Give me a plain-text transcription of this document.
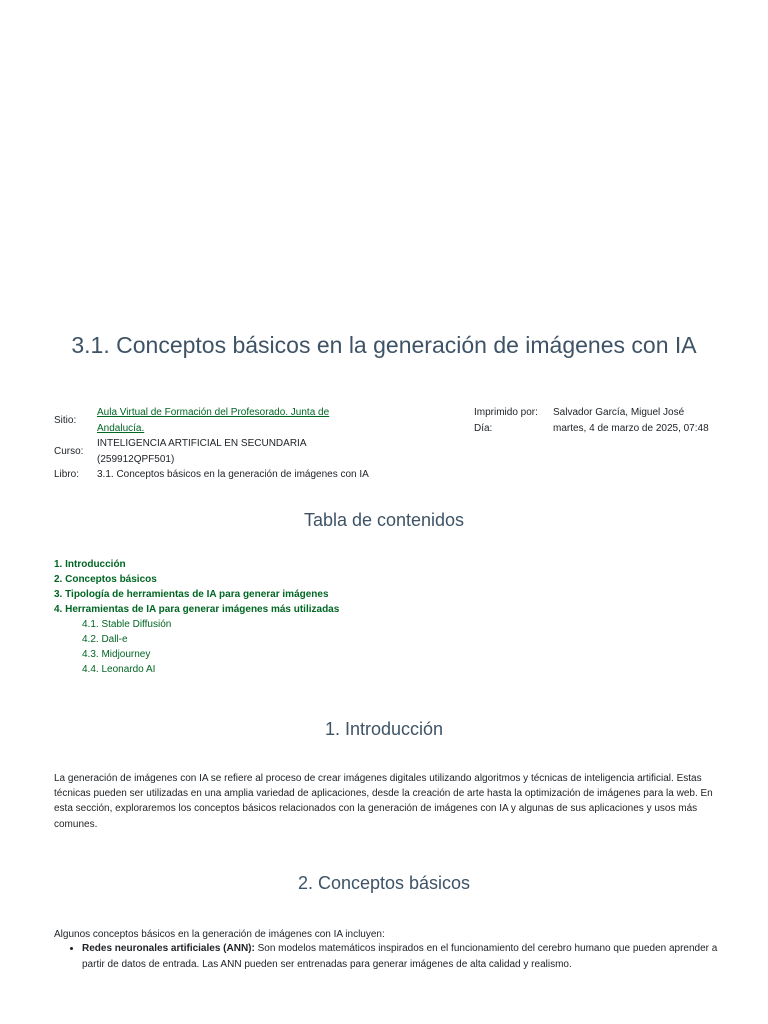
3.1. Conceptos básicos en la generación de imágenes con IA
Sitio:	Aula Virtual de Formación del Profesorado. Junta de Andalucía.
Curso:	INTELIGENCIA ARTIFICIAL EN SECUNDARIA (259912QPF501)
Libro:	3.1. Conceptos básicos en la generación de imágenes con IA
Imprimido por:	Salvador García, Miguel José
Día:	martes, 4 de marzo de 2025, 07:48
Tabla de contenidos
1. Introducción
2. Conceptos básicos
3. Tipología de herramientas de IA para generar imágenes
4. Herramientas de IA para generar imágenes más utilizadas
4.1. Stable Diffusión
4.2. Dall-e
4.3. Midjourney
4.4. Leonardo AI
1. Introducción

La generación de imágenes con IA se refiere al proceso de crear imágenes digitales utilizando algoritmos y técnicas de inteligencia artificial. Estas técnicas pueden ser utilizadas en una amplia variedad de aplicaciones, desde la creación de arte hasta la optimización de imágenes para la web. En esta sección, exploraremos los conceptos básicos relacionados con la generación de imágenes con IA y algunas de sus aplicaciones y usos más comunes.

2. Conceptos básicos

Algunos conceptos básicos en la generación de imágenes con IA incluyen:

• Redes neuronales artificiales (ANN): Son modelos matemáticos inspirados en el funcionamiento del cerebro humano que pueden aprender a partir de datos de entrada. Las ANN pueden ser entrenadas para generar imágenes de alta calidad y realismo.
